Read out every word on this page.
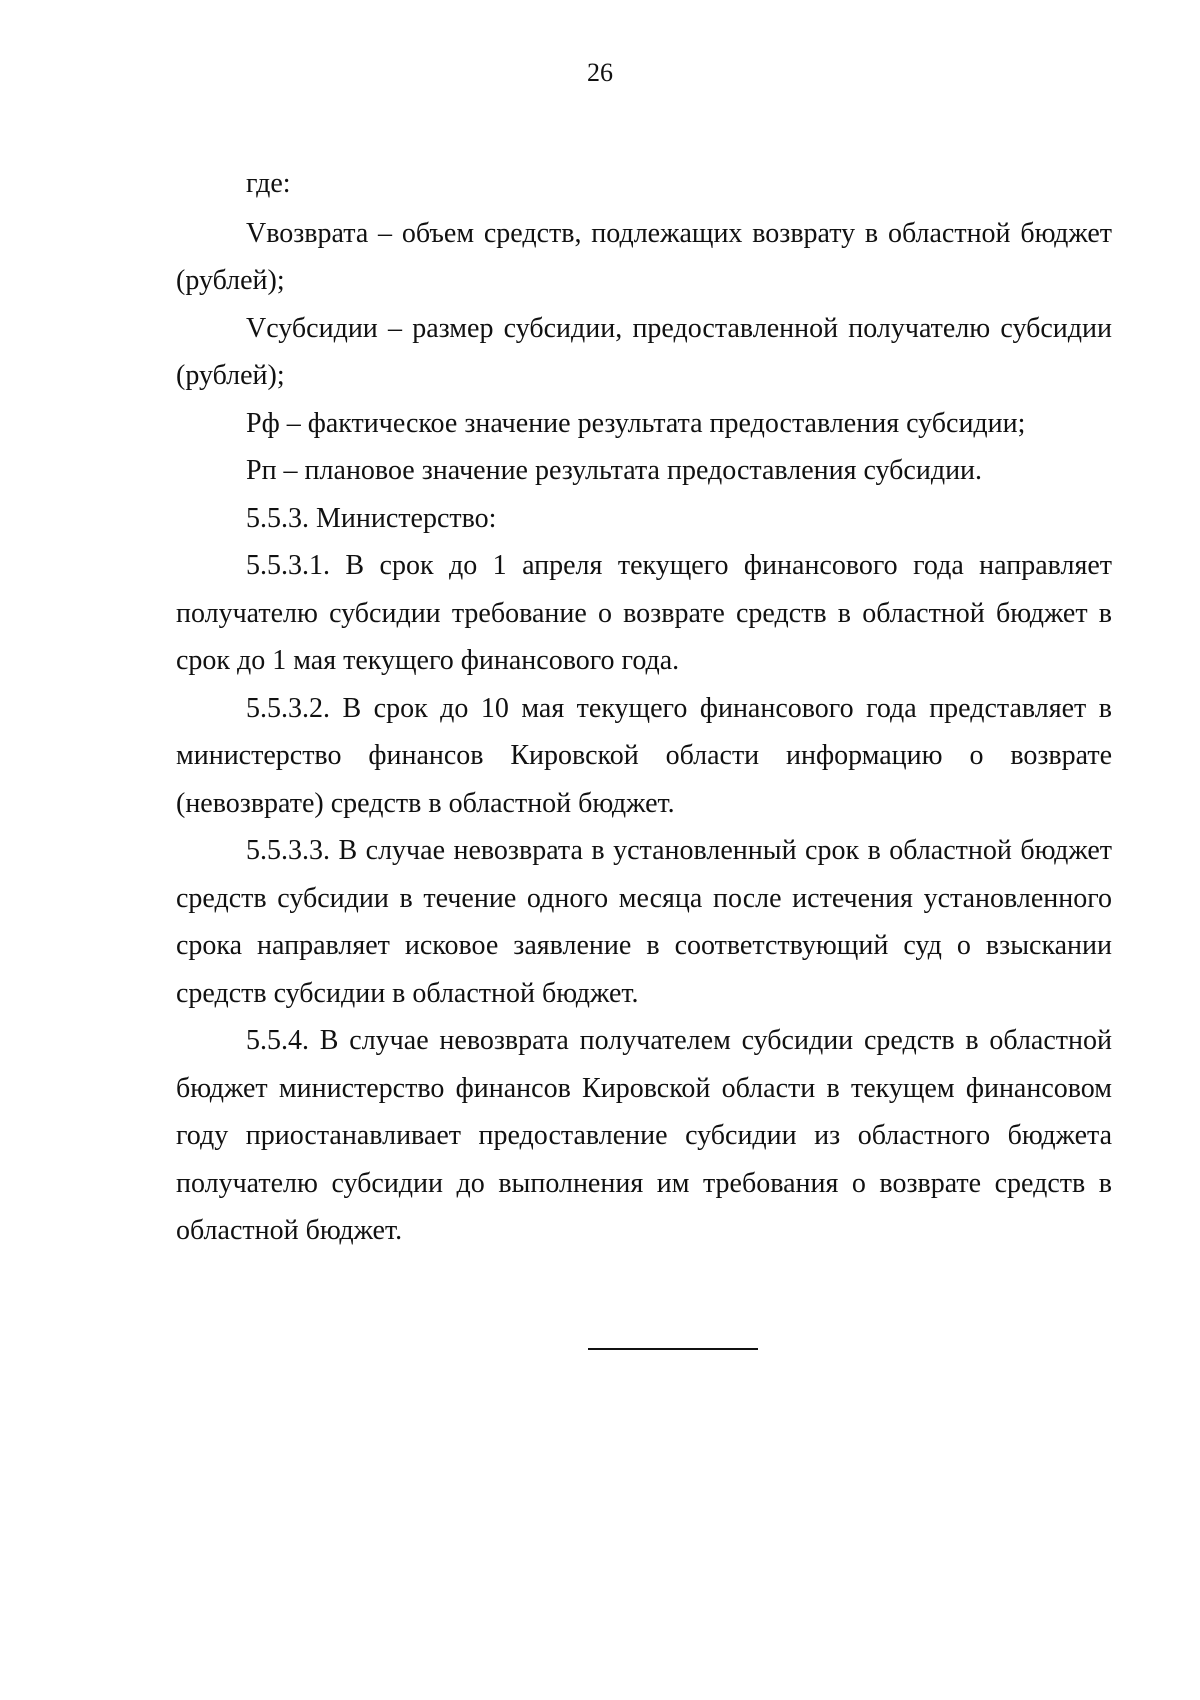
26

где:

Vвозврата – объем средств, подлежащих возврату в областной бюджет (рублей);

Vсубсидии – размер субсидии, предоставленной получателю субсидии (рублей);

Рф – фактическое значение результата предоставления субсидии;

Рп – плановое значение результата предоставления субсидии.

5.5.3. Министерство:

5.5.3.1. В срок до 1 апреля текущего финансового года направляет получателю субсидии требование о возврате средств в областной бюджет в срок до 1 мая текущего финансового года.

5.5.3.2. В срок до 10 мая текущего финансового года представляет в министерство финансов Кировской области информацию о возврате (невозврате) средств в областной бюджет.

5.5.3.3. В случае невозврата в установленный срок в областной бюджет средств субсидии в течение одного месяца после истечения установленного срока направляет исковое заявление в соответствующий суд о взыскании средств субсидии в областной бюджет.

5.5.4. В случае невозврата получателем субсидии средств в областной бюджет министерство финансов Кировской области в текущем финансовом году приостанавливает предоставление субсидии из областного бюджета получателю субсидии до выполнения им требования о возврате средств в областной бюджет.
